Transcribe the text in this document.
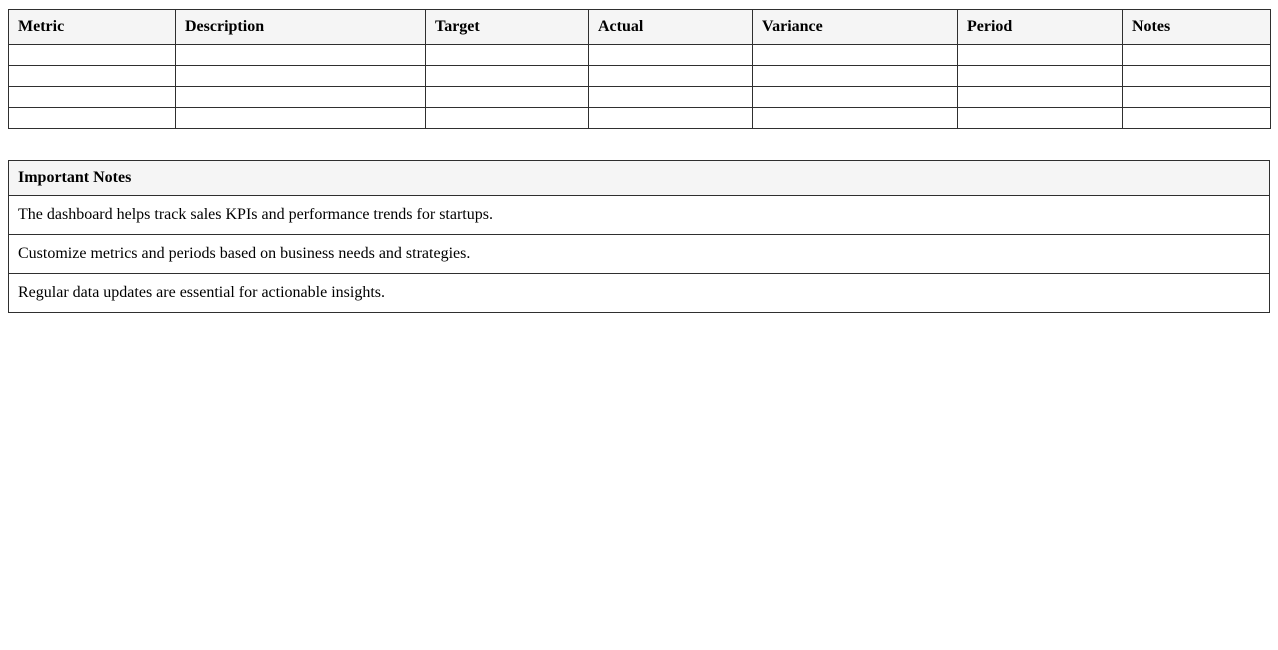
Metric	Description	Target	Actual	Variance	Period	Notes

Important Notes
The dashboard helps track sales KPIs and performance trends for startups.
Customize metrics and periods based on business needs and strategies.
Regular data updates are essential for actionable insights.
